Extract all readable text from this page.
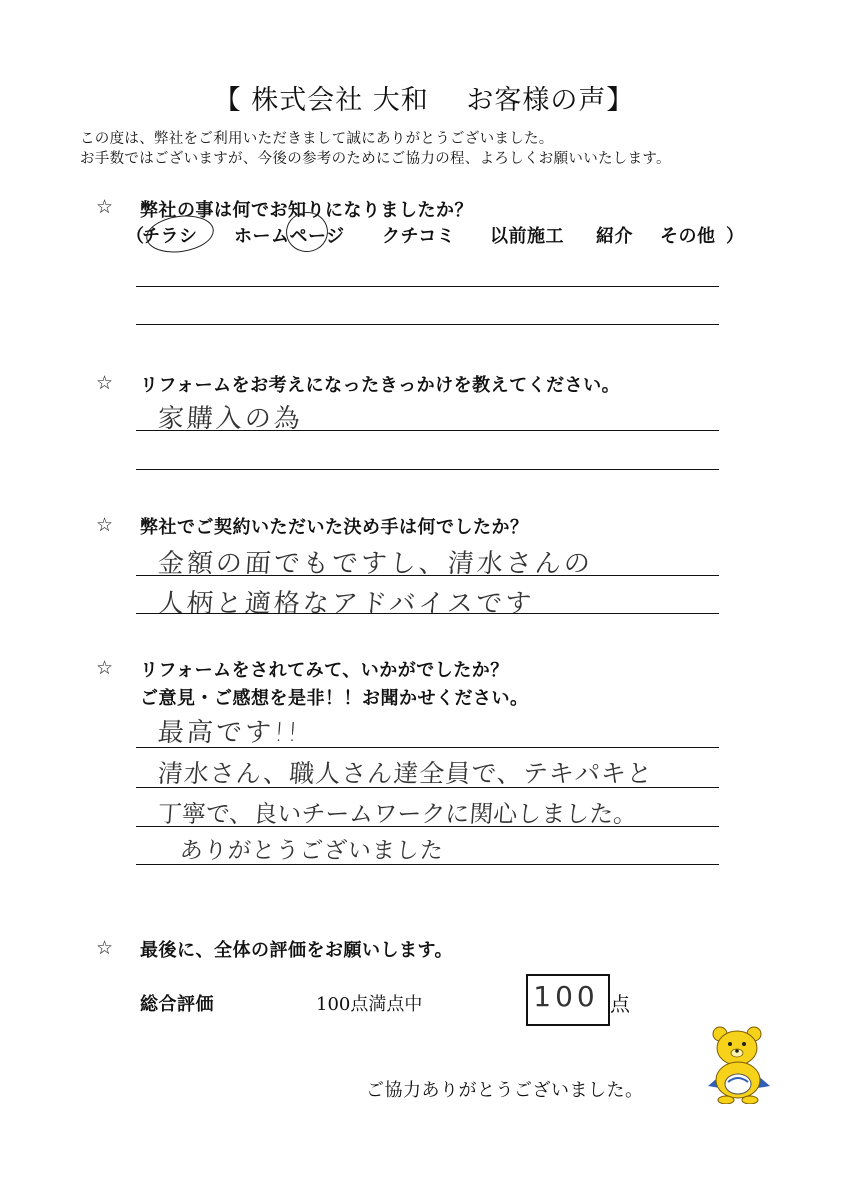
【 株式会社 大和　 お客様の声】
この度は、弊社をご利用いただきまして誠にありがとうございました。
お手数ではございますが、今後の参考のためにご協力の程、よろしくお願いいたします。
☆ 弊社の事は何でお知りになりましたか？
（
チラシ ホームページ クチコミ 以前施工 紹介 その他 ）
☆ リフォームをお考えになったきっかけを教えてください。
家購入の為
☆ 弊社でご契約いただいた決め手は何でしたか？
金額の面でもですし、清水さんの
人柄と適格なアドバイスです
☆ リフォームをされてみて、いかがでしたか？
ご意見・ご感想を是非！！お聞かせください。
最高です!!
清水さん、職人さん達全員で、テキパキと
丁寧で、良いチームワークに関心しました。
ありがとうございました
☆ 最後に、全体の評価をお願いします。
総合評価	100点満点中	100 点
ご協力ありがとうございました。
